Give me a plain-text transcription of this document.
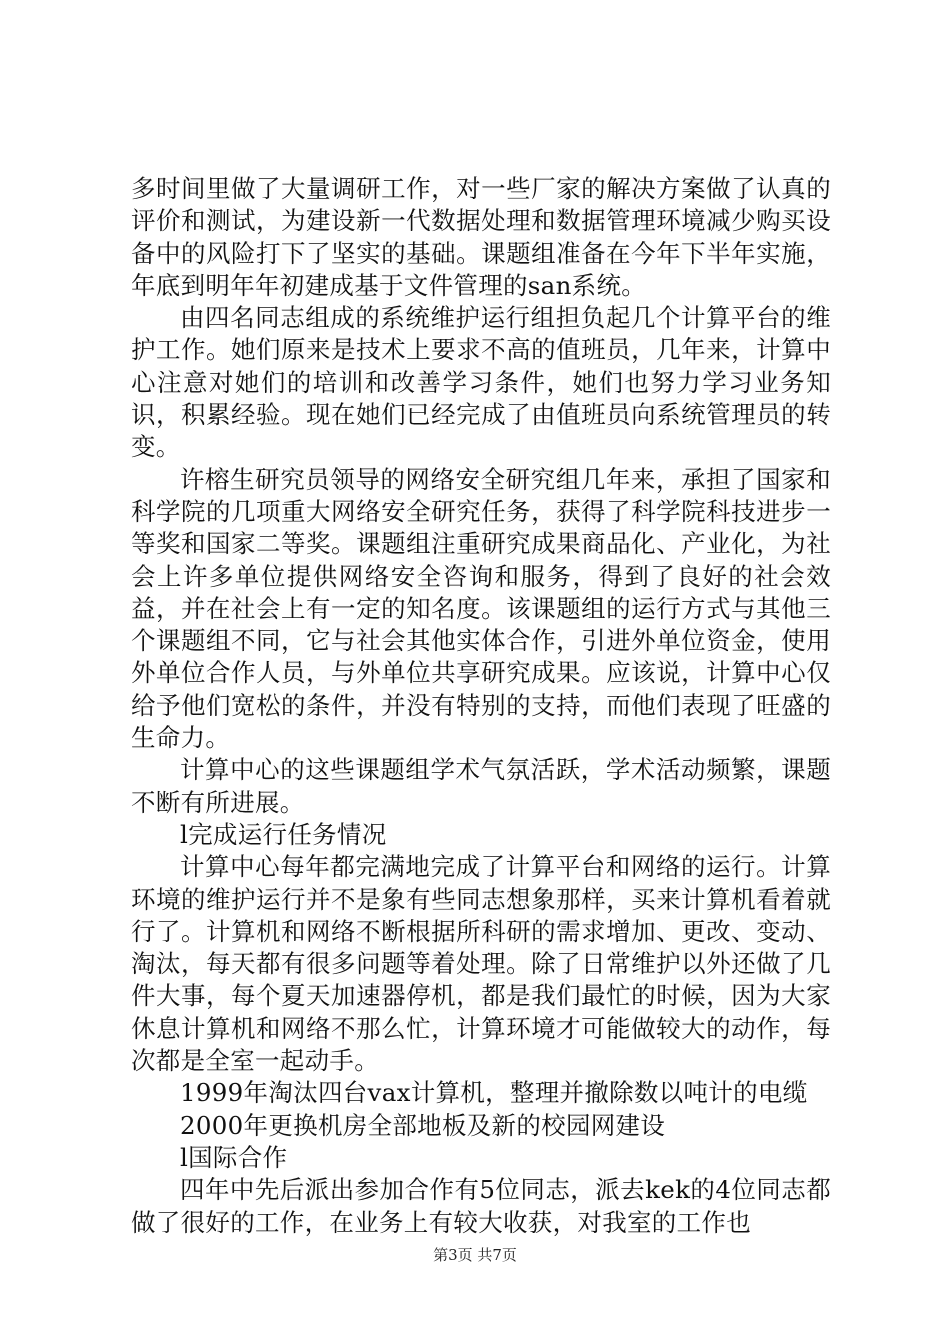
多时间里做了大量调研工作，对一些厂家的解决方案做了认真的评价和测试，为建设新一代数据处理和数据管理环境减少购买设备中的风险打下了坚实的基础。课题组准备在今年下半年实施，年底到明年年初建成基于文件管理的san系统。

由四名同志组成的系统维护运行组担负起几个计算平台的维护工作。她们原来是技术上要求不高的值班员，几年来，计算中心注意对她们的培训和改善学习条件，她们也努力学习业务知识，积累经验。现在她们已经完成了由值班员向系统管理员的转变。

许榕生研究员领导的网络安全研究组几年来，承担了国家和科学院的几项重大网络安全研究任务，获得了科学院科技进步一等奖和国家二等奖。课题组注重研究成果商品化、产业化，为社会上许多单位提供网络安全咨询和服务，得到了良好的社会效益，并在社会上有一定的知名度。该课题组的运行方式与其他三个课题组不同，它与社会其他实体合作，引进外单位资金，使用外单位合作人员，与外单位共享研究成果。应该说，计算中心仅给予他们宽松的条件，并没有特别的支持，而他们表现了旺盛的生命力。

计算中心的这些课题组学术气氛活跃，学术活动频繁，课题不断有所进展。

l完成运行任务情况

计算中心每年都完满地完成了计算平台和网络的运行。计算环境的维护运行并不是象有些同志想象那样，买来计算机看着就行了。计算机和网络不断根据所科研的需求增加、更改、变动、淘汰，每天都有很多问题等着处理。除了日常维护以外还做了几件大事，每个夏天加速器停机，都是我们最忙的时候，因为大家休息计算机和网络不那么忙，计算环境才可能做较大的动作，每次都是全室一起动手。

1999年淘汰四台vax计算机，整理并撤除数以吨计的电缆

2000年更换机房全部地板及新的校园网建设

l国际合作

四年中先后派出参加合作有5位同志，派去kek的4位同志都做了很好的工作，在业务上有较大收获，对我室的工作也

第3页 共7页
